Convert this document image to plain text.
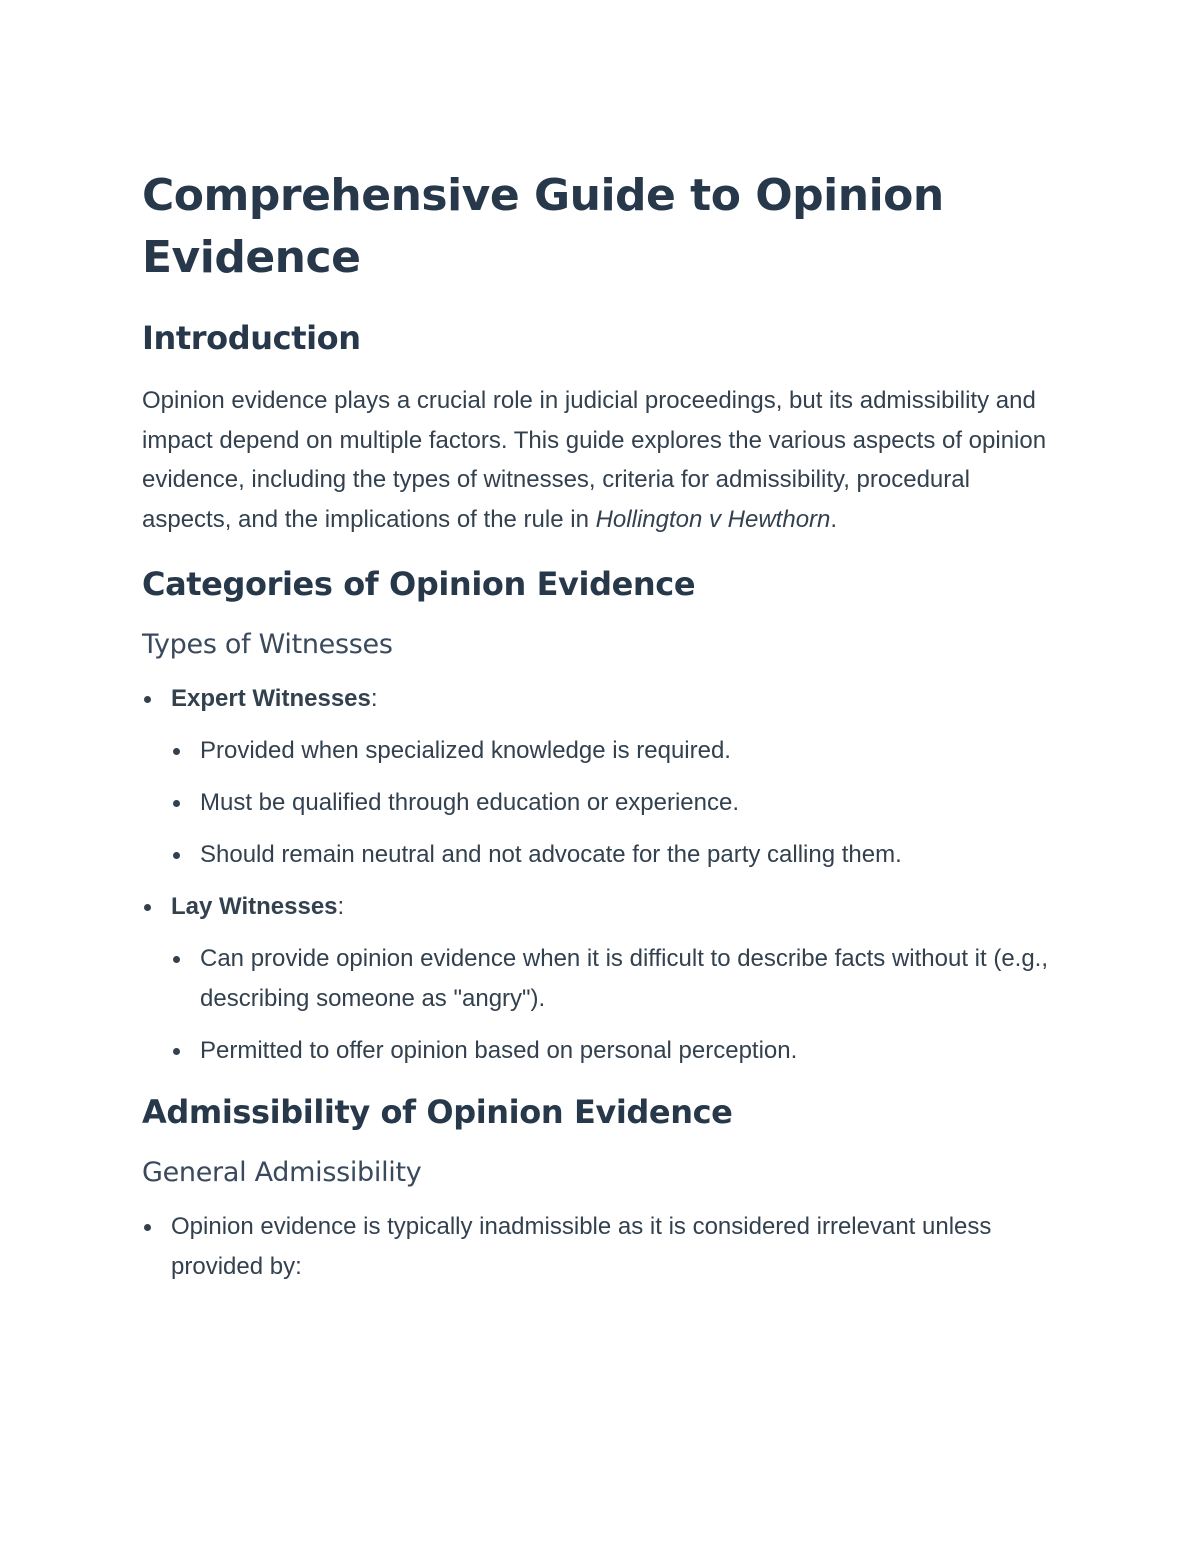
Comprehensive Guide to Opinion Evidence
Introduction

Opinion evidence plays a crucial role in judicial proceedings, but its admissibility and impact depend on multiple factors. This guide explores the various aspects of opinion evidence, including the types of witnesses, criteria for admissibility, procedural aspects, and the implications of the rule in Hollington v Hewthorn.

Categories of Opinion Evidence
Types of Witnesses
Expert Witnesses:
Provided when specialized knowledge is required.
Must be qualified through education or experience.
Should remain neutral and not advocate for the party calling them.
Lay Witnesses:
Can provide opinion evidence when it is difficult to describe facts without it (e.g., describing someone as "angry").
Permitted to offer opinion based on personal perception.
Admissibility of Opinion Evidence
General Admissibility
Opinion evidence is typically inadmissible as it is considered irrelevant unless provided by:
